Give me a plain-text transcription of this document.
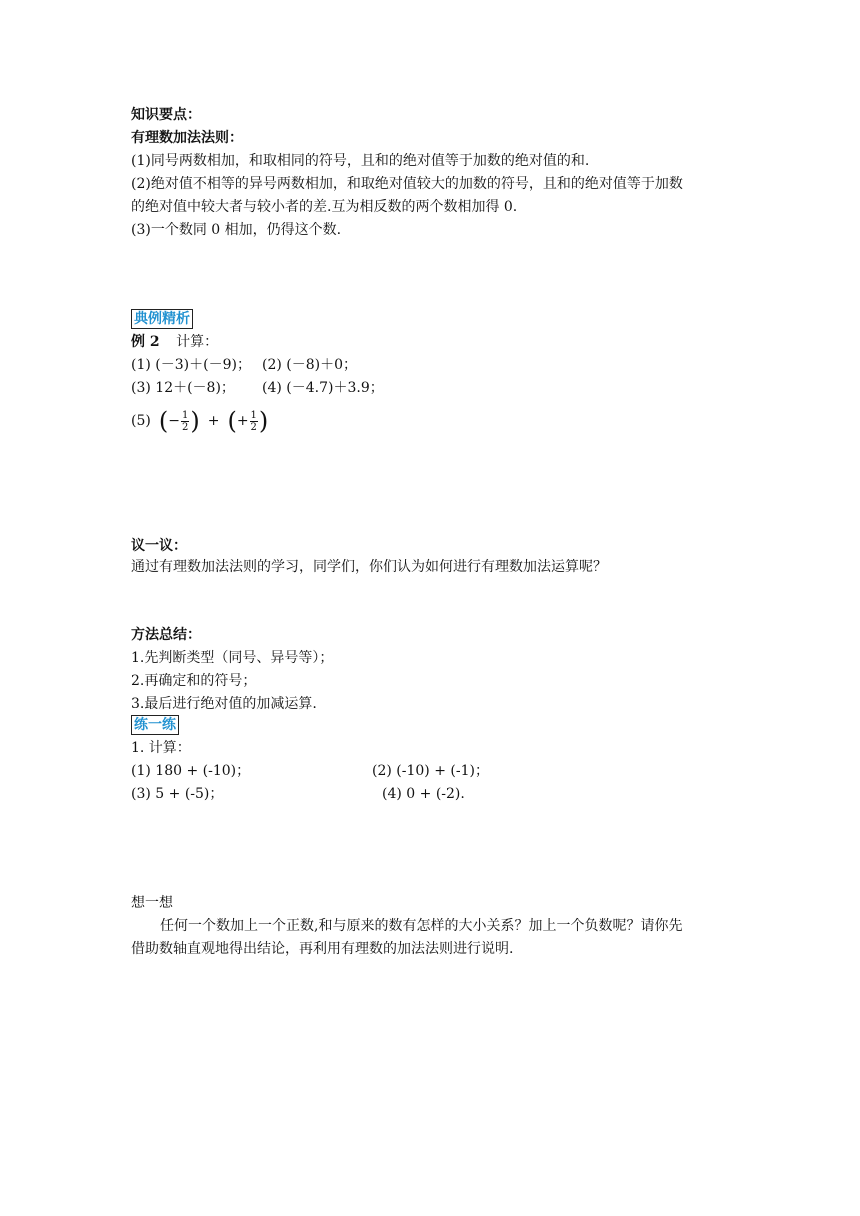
知识要点：
有理数加法法则：
(1)同号两数相加，和取相同的符号，且和的绝对值等于加数的绝对值的和.
(2)绝对值不相等的异号两数相加，和取绝对值较大的加数的符号，且和的绝对值等于加数
的绝对值中较大者与较小者的差.互为相反数的两个数相加得 0.
(3)一个数同 0 相加，仍得这个数.
典例精析
例 2 计算：
(1) (－3)＋(－9)； (2) (－8)＋0；
(3) 12＋(－8)； (4) (－4.7)＋3.9；
(5) ( − $\frac{1}{2}$ ) + ( + $\frac{1}{2}$ )
议一议：
通过有理数加法法则的学习，同学们，你们认为如何进行有理数加法运算呢？
方法总结：
1.先判断类型（同号、异号等）；
2.再确定和的符号；
3.最后进行绝对值的加减运算.
练一练
1. 计算：
(1) 180 + (-10)；	(2) (-10) + (-1)；
(3) 5 + (-5)；	(4) 0 + (-2).
想一想
任何一个数加上一个正数,和与原来的数有怎样的大小关系？加上一个负数呢？请你先
借助数轴直观地得出结论，再利用有理数的加法法则进行说明.
